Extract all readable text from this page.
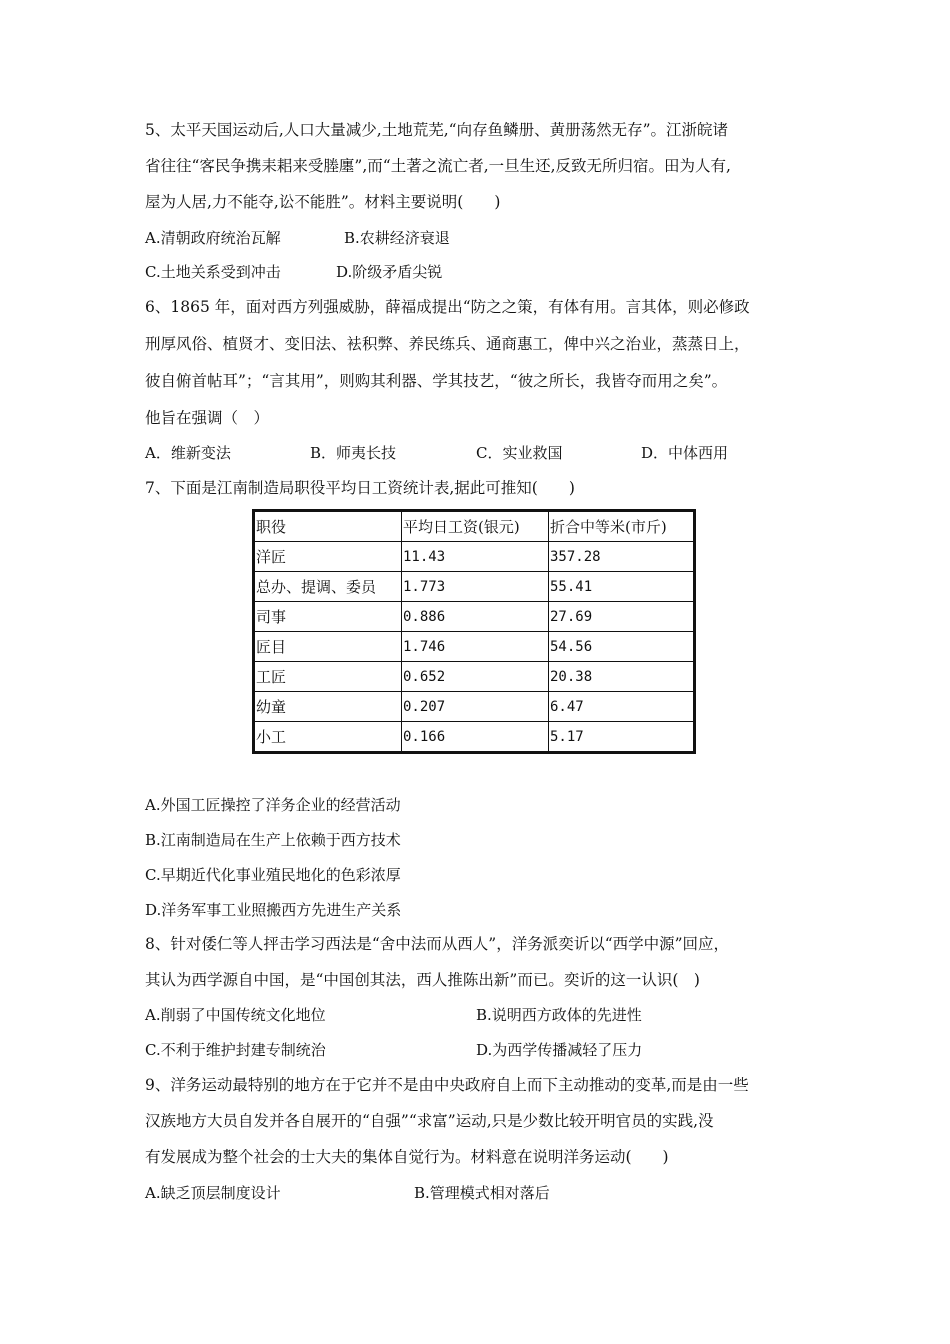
5、太平天国运动后,人口大量减少,土地荒芜,“向存鱼鳞册、黄册荡然无存”。江浙皖诸
省往往“客民争携耒耜来受塍廛”,而“土著之流亡者,一旦生还,反致无所归宿。田为人有,
屋为人居,力不能夺,讼不能胜”。材料主要说明(　　)
A.清朝政府统治瓦解	B.农耕经济衰退
C.土地关系受到冲击	D.阶级矛盾尖锐
6、1865 年，面对西方列强威胁，薛福成提出“防之之策，有体有用。言其体，则必修政
刑厚风俗、植贤才、变旧法、袪积弊、养民练兵、通商惠工，俾中兴之治业，蒸蒸日上，
彼自俯首帖耳”；“言其用”，则购其利器、学其技艺，“彼之所长，我皆夺而用之矣”。
他旨在强调（　）
A．维新变法	B．师夷长技	C．实业救国	D．中体西用
7、下面是江南制造局职役平均日工资统计表,据此可推知(　　)
职役	平均日工资(银元)	折合中等米(市斤)
洋匠	11.43	357.28
总办、提调、委员	1.773	55.41
司事	0.886	27.69
匠目	1.746	54.56
工匠	0.652	20.38
幼童	0.207	6.47
小工	0.166	5.17
A.外国工匠操控了洋务企业的经营活动
B.江南制造局在生产上依赖于西方技术
C.早期近代化事业殖民地化的色彩浓厚
D.洋务军事工业照搬西方先进生产关系
8、针对倭仁等人抨击学习西法是“舍中法而从西人”，洋务派奕䜣以“西学中源”回应，
其认为西学源自中国，是“中国创其法，西人推陈出新”而已。奕䜣的这一认识(　)
A.削弱了中国传统文化地位	B.说明西方政体的先进性
C.不利于维护封建专制统治	D.为西学传播减轻了压力
9、洋务运动最特别的地方在于它并不是由中央政府自上而下主动推动的变革,而是由一些
汉族地方大员自发并各自展开的“自强”“求富”运动,只是少数比较开明官员的实践,没
有发展成为整个社会的士大夫的集体自觉行为。材料意在说明洋务运动(　　)
A.缺乏顶层制度设计	B.管理模式相对落后
